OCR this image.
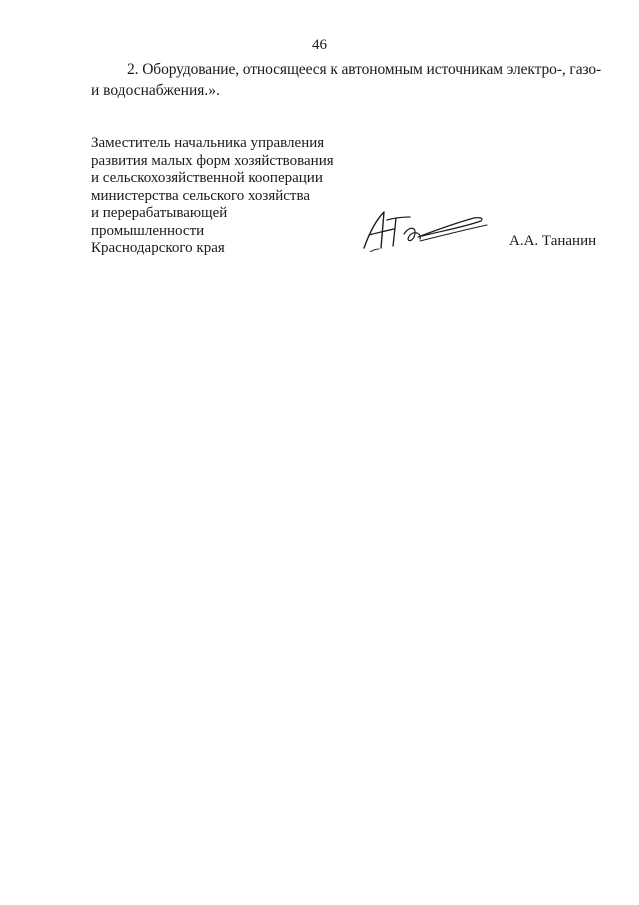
46
2. Оборудование, относящееся к автономным источникам электро-, газо-
и водоснабжения.».
Заместитель начальника управления
развития малых форм хозяйствования
и сельскохозяйственной кооперации
министерства сельского хозяйства
и перерабатывающей
промышленности
Краснодарского края	А.А. Тананин
